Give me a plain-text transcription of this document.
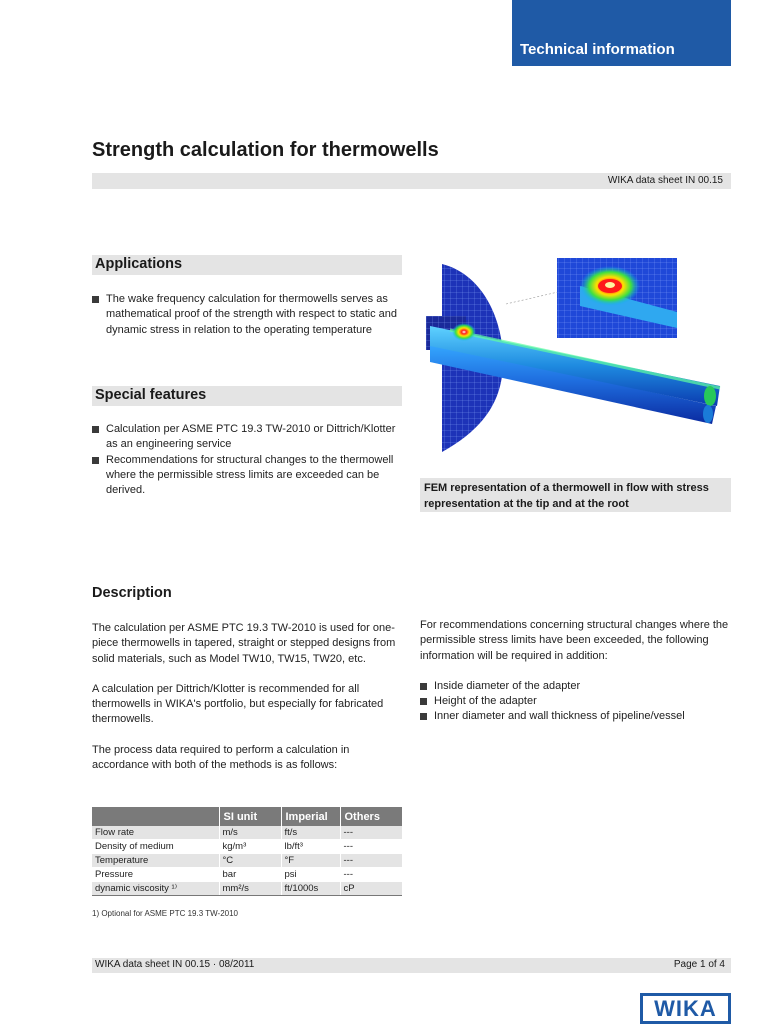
Technical information
Strength calculation for thermowells
WIKA data sheet IN 00.15
Applications
The wake frequency calculation for thermowells serves as mathematical proof of the strength with respect to static and dynamic stress in relation to the operating temperature
Special features
Calculation per ASME PTC 19.3 TW-2010 or Dittrich/Klotter as an engineering service
Recommendations for structural changes to the thermowell where the permissible stress limits are exceeded can be derived.	FEM representation of a thermowell in flow with stress representation at the tip and at the root
Description

The calculation per ASME PTC 19.3 TW-2010 is used for one-piece thermowells in tapered, straight or stepped designs from solid materials, such as Model TW10, TW15, TW20, etc.

A calculation per Dittrich/Klotter is recommended for all thermowells in WIKA's portfolio, but especially for fabricated thermowells.

The process data required to perform a calculation in accordance with both of the methods is as follows:

For recommendations concerning structural changes where the permissible stress limits have been exceeded, the following information will be required in addition:

Inside diameter of the adapter
Height of the adapter
Inner diameter and wall thickness of pipeline/vessel
	SI unit	Imperial	Others
Flow rate	m/s	ft/s	---
Density of medium	kg/m³	lb/ft³	---
Temperature	°C	°F	---
Pressure	bar	psi	---
dynamic viscosity ¹⁾	mm²/s	ft/1000s	cP
1) Optional for ASME PTC 19.3 TW-2010
WIKA data sheet IN 00.15 · 08/2011	Page 1 of 4
WIKA
